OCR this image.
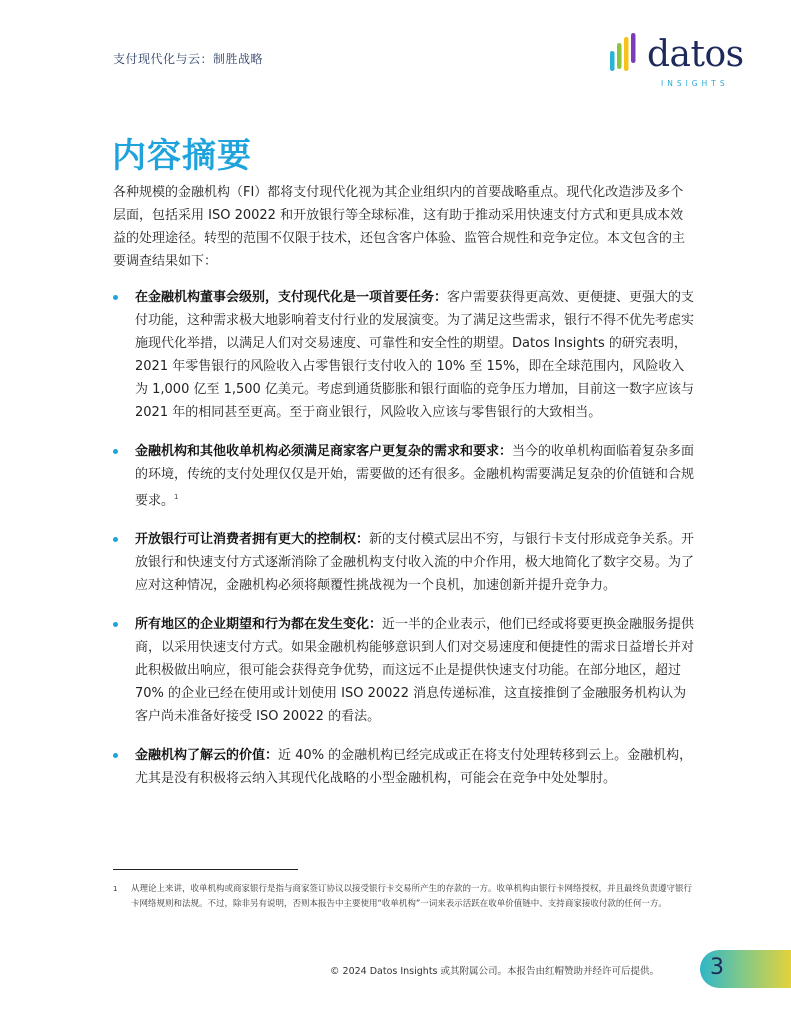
支付现代化与云：制胜战略	datos
INSIGHTS
内容摘要
各种规模的金融机构（FI）都将支付现代化视为其企业组织内的首要战略重点。现代化改造涉及多个层面，包括采用 ISO 20022 和开放银行等全球标准，这有助于推动采用快速支付方式和更具成本效益的处理途径。转型的范围不仅限于技术，还包含客户体验、监管合规性和竞争定位。本文包含的主要调查结果如下：
在金融机构董事会级别，支付现代化是一项首要任务：客户需要获得更高效、更便捷、更强大的支付功能，这种需求极大地影响着支付行业的发展演变。为了满足这些需求，银行不得不优先考虑实施现代化举措，以满足人们对交易速度、可靠性和安全性的期望。Datos Insights 的研究表明，2021 年零售银行的风险收入占零售银行支付收入的 10% 至 15%，即在全球范围内，风险收入为 1,000 亿至 1,500 亿美元。考虑到通货膨胀和银行面临的竞争压力增加，目前这一数字应该与 2021 年的相同甚至更高。至于商业银行，风险收入应该与零售银行的大致相当。
金融机构和其他收单机构必须满足商家客户更复杂的需求和要求：当今的收单机构面临着复杂多面的环境，传统的支付处理仅仅是开始，需要做的还有很多。金融机构需要满足复杂的价值链和合规要求。$^1$
开放银行可让消费者拥有更大的控制权：新的支付模式层出不穷，与银行卡支付形成竞争关系。开放银行和快速支付方式逐渐消除了金融机构支付收入流的中介作用，极大地简化了数字交易。为了应对这种情况，金融机构必须将颠覆性挑战视为一个良机，加速创新并提升竞争力。
所有地区的企业期望和行为都在发生变化：近一半的企业表示，他们已经或将要更换金融服务提供商，以采用快速支付方式。如果金融机构能够意识到人们对交易速度和便捷性的需求日益增长并对此积极做出响应，很可能会获得竞争优势，而这远不止是提供快速支付功能。在部分地区，超过 70% 的企业已经在使用或计划使用 ISO 20022 消息传递标准，这直接推倒了金融服务机构认为客户尚未准备好接受 ISO 20022 的看法。
金融机构了解云的价值：近 40% 的金融机构已经完成或正在将支付处理转移到云上。金融机构，尤其是没有积极将云纳入其现代化战略的小型金融机构，可能会在竞争中处处掣肘。
1	从理论上来讲，收单机构或商家银行是指与商家签订协议以接受银行卡交易所产生的存款的一方。收单机构由银行卡网络授权，并且最终负责遵守银行卡网络规则和法规。不过，除非另有说明，否则本报告中主要使用“收单机构”一词来表示活跃在收单价值链中、支持商家接收付款的任何一方。
© 2024 Datos Insights 或其附属公司。本报告由红帽赞助并经许可后提供。 3
